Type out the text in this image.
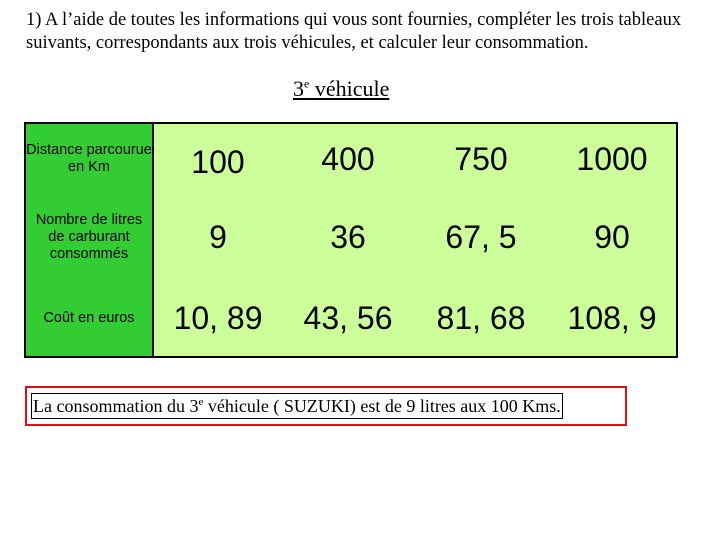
1) A l’aide de toutes les informations qui vous sont fournies, compléter les trois tableaux suivants, correspondants aux trois véhicules, et calculer leur consommation.

3e véhicule
Distance parcourue en Km	100	400	750	1000
Nombre de litres de carburant consommés	9	36	67, 5	90
Coût en euros	10, 89	43, 56	81, 68	108, 9
La consommation du 3e véhicule ( SUZUKI) est de 9 litres aux 100 Kms.
